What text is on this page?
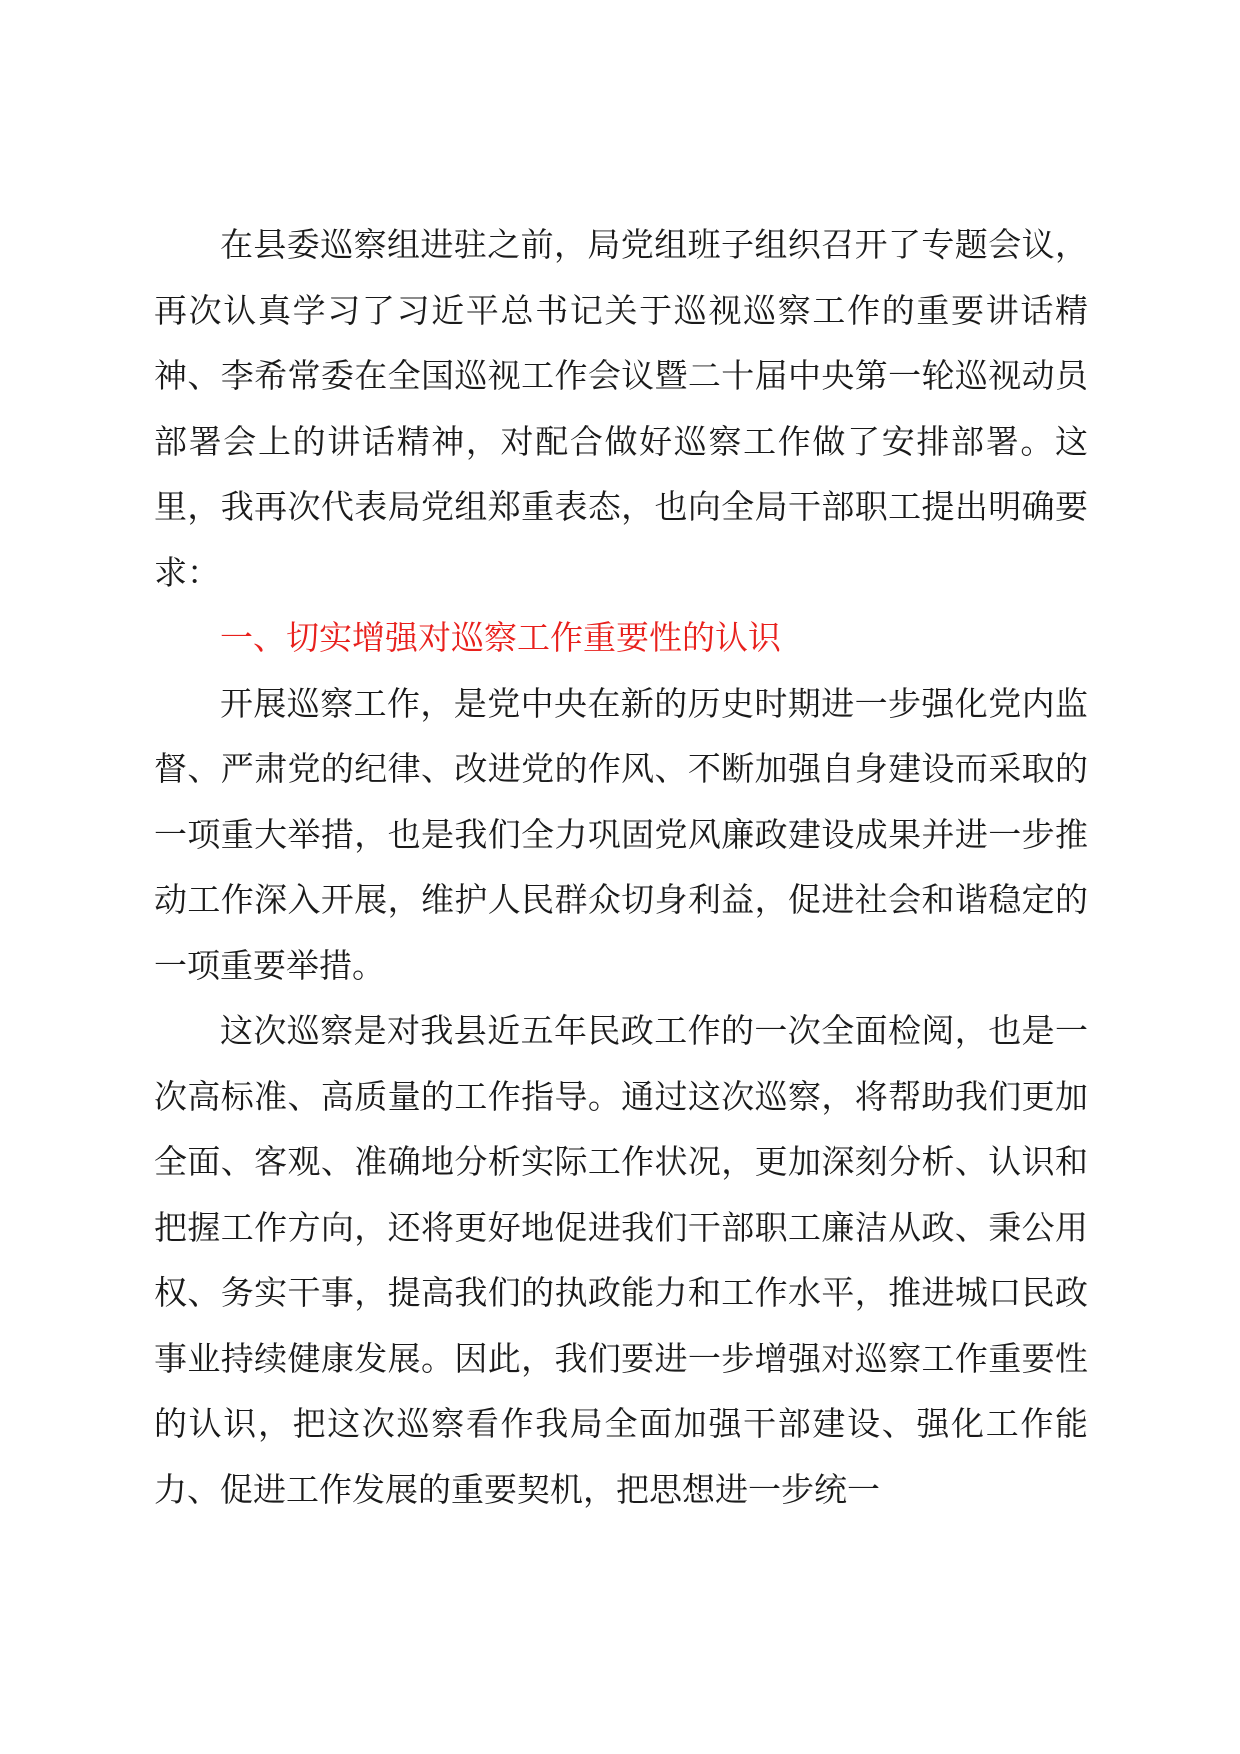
在县委巡察组进驻之前，局党组班子组织召开了专题会议，再次认真学习了习近平总书记关于巡视巡察工作的重要讲话精神、李希常委在全国巡视工作会议暨二十届中央第一轮巡视动员部署会上的讲话精神，对配合做好巡察工作做了安排部署。这里，我再次代表局党组郑重表态，也向全局干部职工提出明确要求：

一、切实增强对巡察工作重要性的认识

开展巡察工作，是党中央在新的历史时期进一步强化党内监督、严肃党的纪律、改进党的作风、不断加强自身建设而采取的一项重大举措，也是我们全力巩固党风廉政建设成果并进一步推动工作深入开展，维护人民群众切身利益，促进社会和谐稳定的一项重要举措。

这次巡察是对我县近五年民政工作的一次全面检阅，也是一次高标准、高质量的工作指导。通过这次巡察，将帮助我们更加全面、客观、准确地分析实际工作状况，更加深刻分析、认识和把握工作方向，还将更好地促进我们干部职工廉洁从政、秉公用权、务实干事，提高我们的执政能力和工作水平，推进城口民政事业持续健康发展。因此，我们要进一步增强对巡察工作重要性的认识，把这次巡察看作我局全面加强干部建设、强化工作能力、促进工作发展的重要契机，把思想进一步统一
